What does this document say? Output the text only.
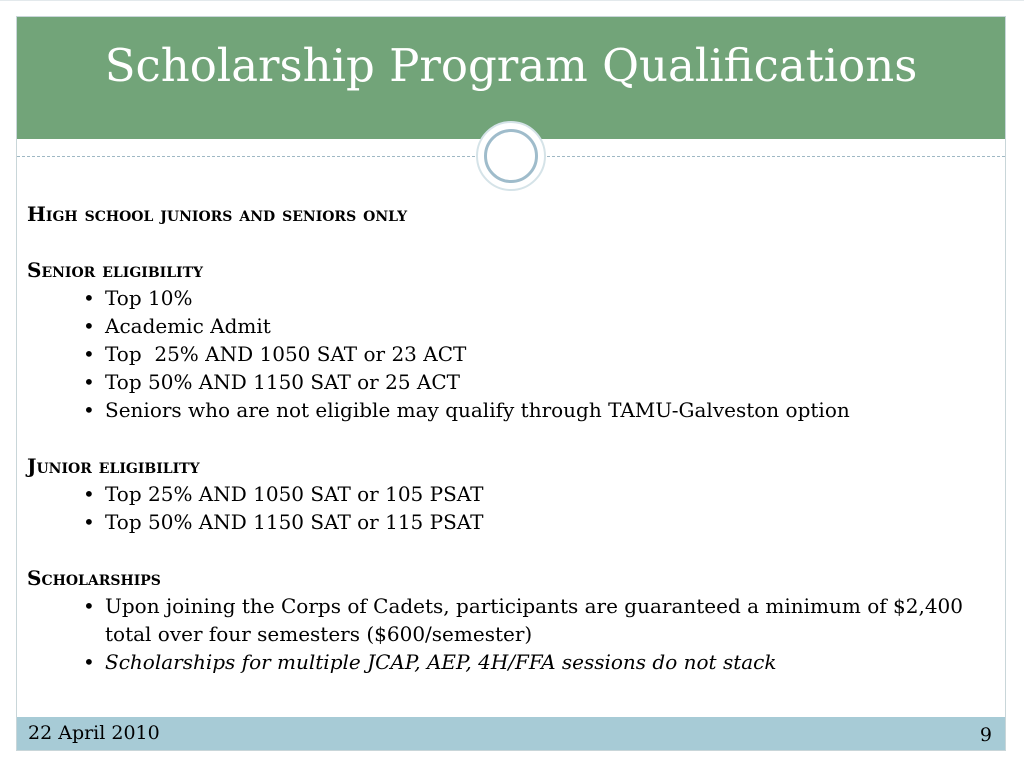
Scholarship Program Qualifications
High school juniors and seniors only
Senior eligibility
• Top 10%
• Academic Admit
• Top  25% AND 1050 SAT or 23 ACT
• Top 50% AND 1150 SAT or 25 ACT
• Seniors who are not eligible may qualify through TAMU-Galveston option
Junior eligibility
• Top 25% AND 1050 SAT or 105 PSAT
• Top 50% AND 1150 SAT or 115 PSAT
Scholarships
• Upon joining the Corps of Cadets, participants are guaranteed a minimum of $2,400 total over four semesters ($600/semester)
• Scholarships for multiple JCAP, AEP, 4H/FFA sessions do not stack
22 April 2010	9
